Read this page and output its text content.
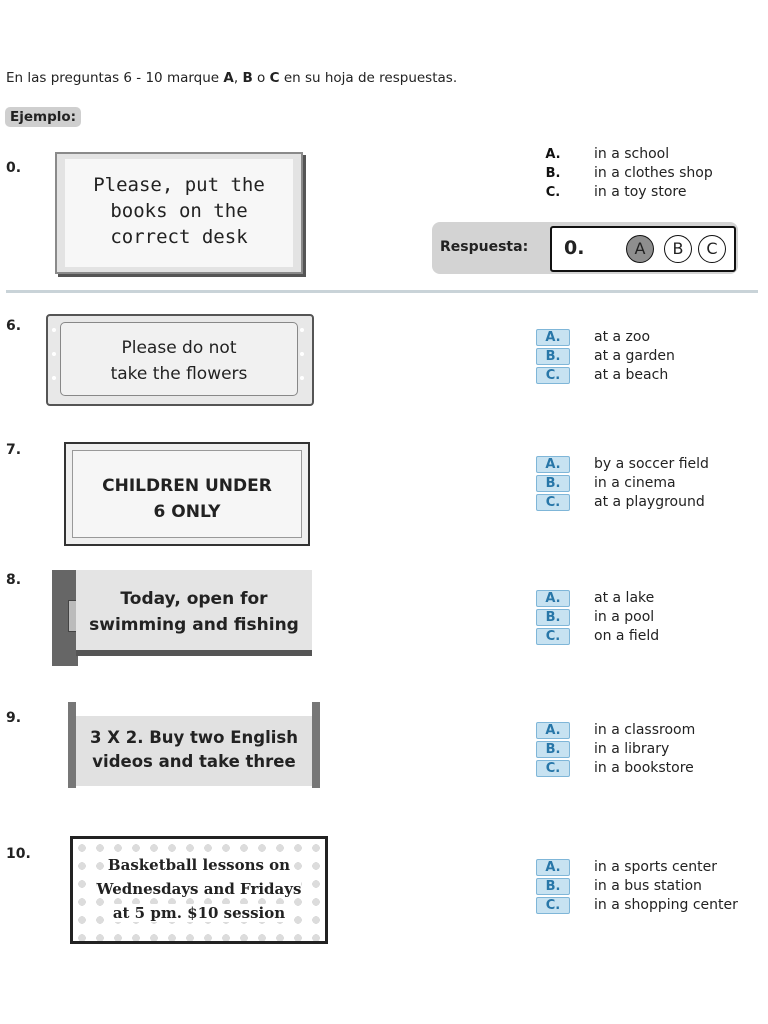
En las preguntas 6 - 10 marque A, B o C en su hoja de respuestas.
Ejemplo:
0.
Please, put the
books on the
correct desk
A.	in a school
B.	in a clothes shop
C.	in a toy store
Respuesta: 0.	A	B	C
6.
Please do not
take the flowers
A.	at a zoo
B.	at a garden
C.	at a beach
7.
CHILDREN UNDER
6 ONLY
A.	by a soccer field
B.	in a cinema
C.	at a playground
8.
Today, open for
swimming and fishing
A.	at a lake
B.	in a pool
C.	on a field
9.
3 X 2. Buy two English
videos and take three
A.	in a classroom
B.	in a library
C.	in a bookstore
10.
Basketball lessons on
Wednesdays and Fridays
at 5 pm. $10 session
A.	in a sports center
B.	in a bus station
C.	in a shopping center
